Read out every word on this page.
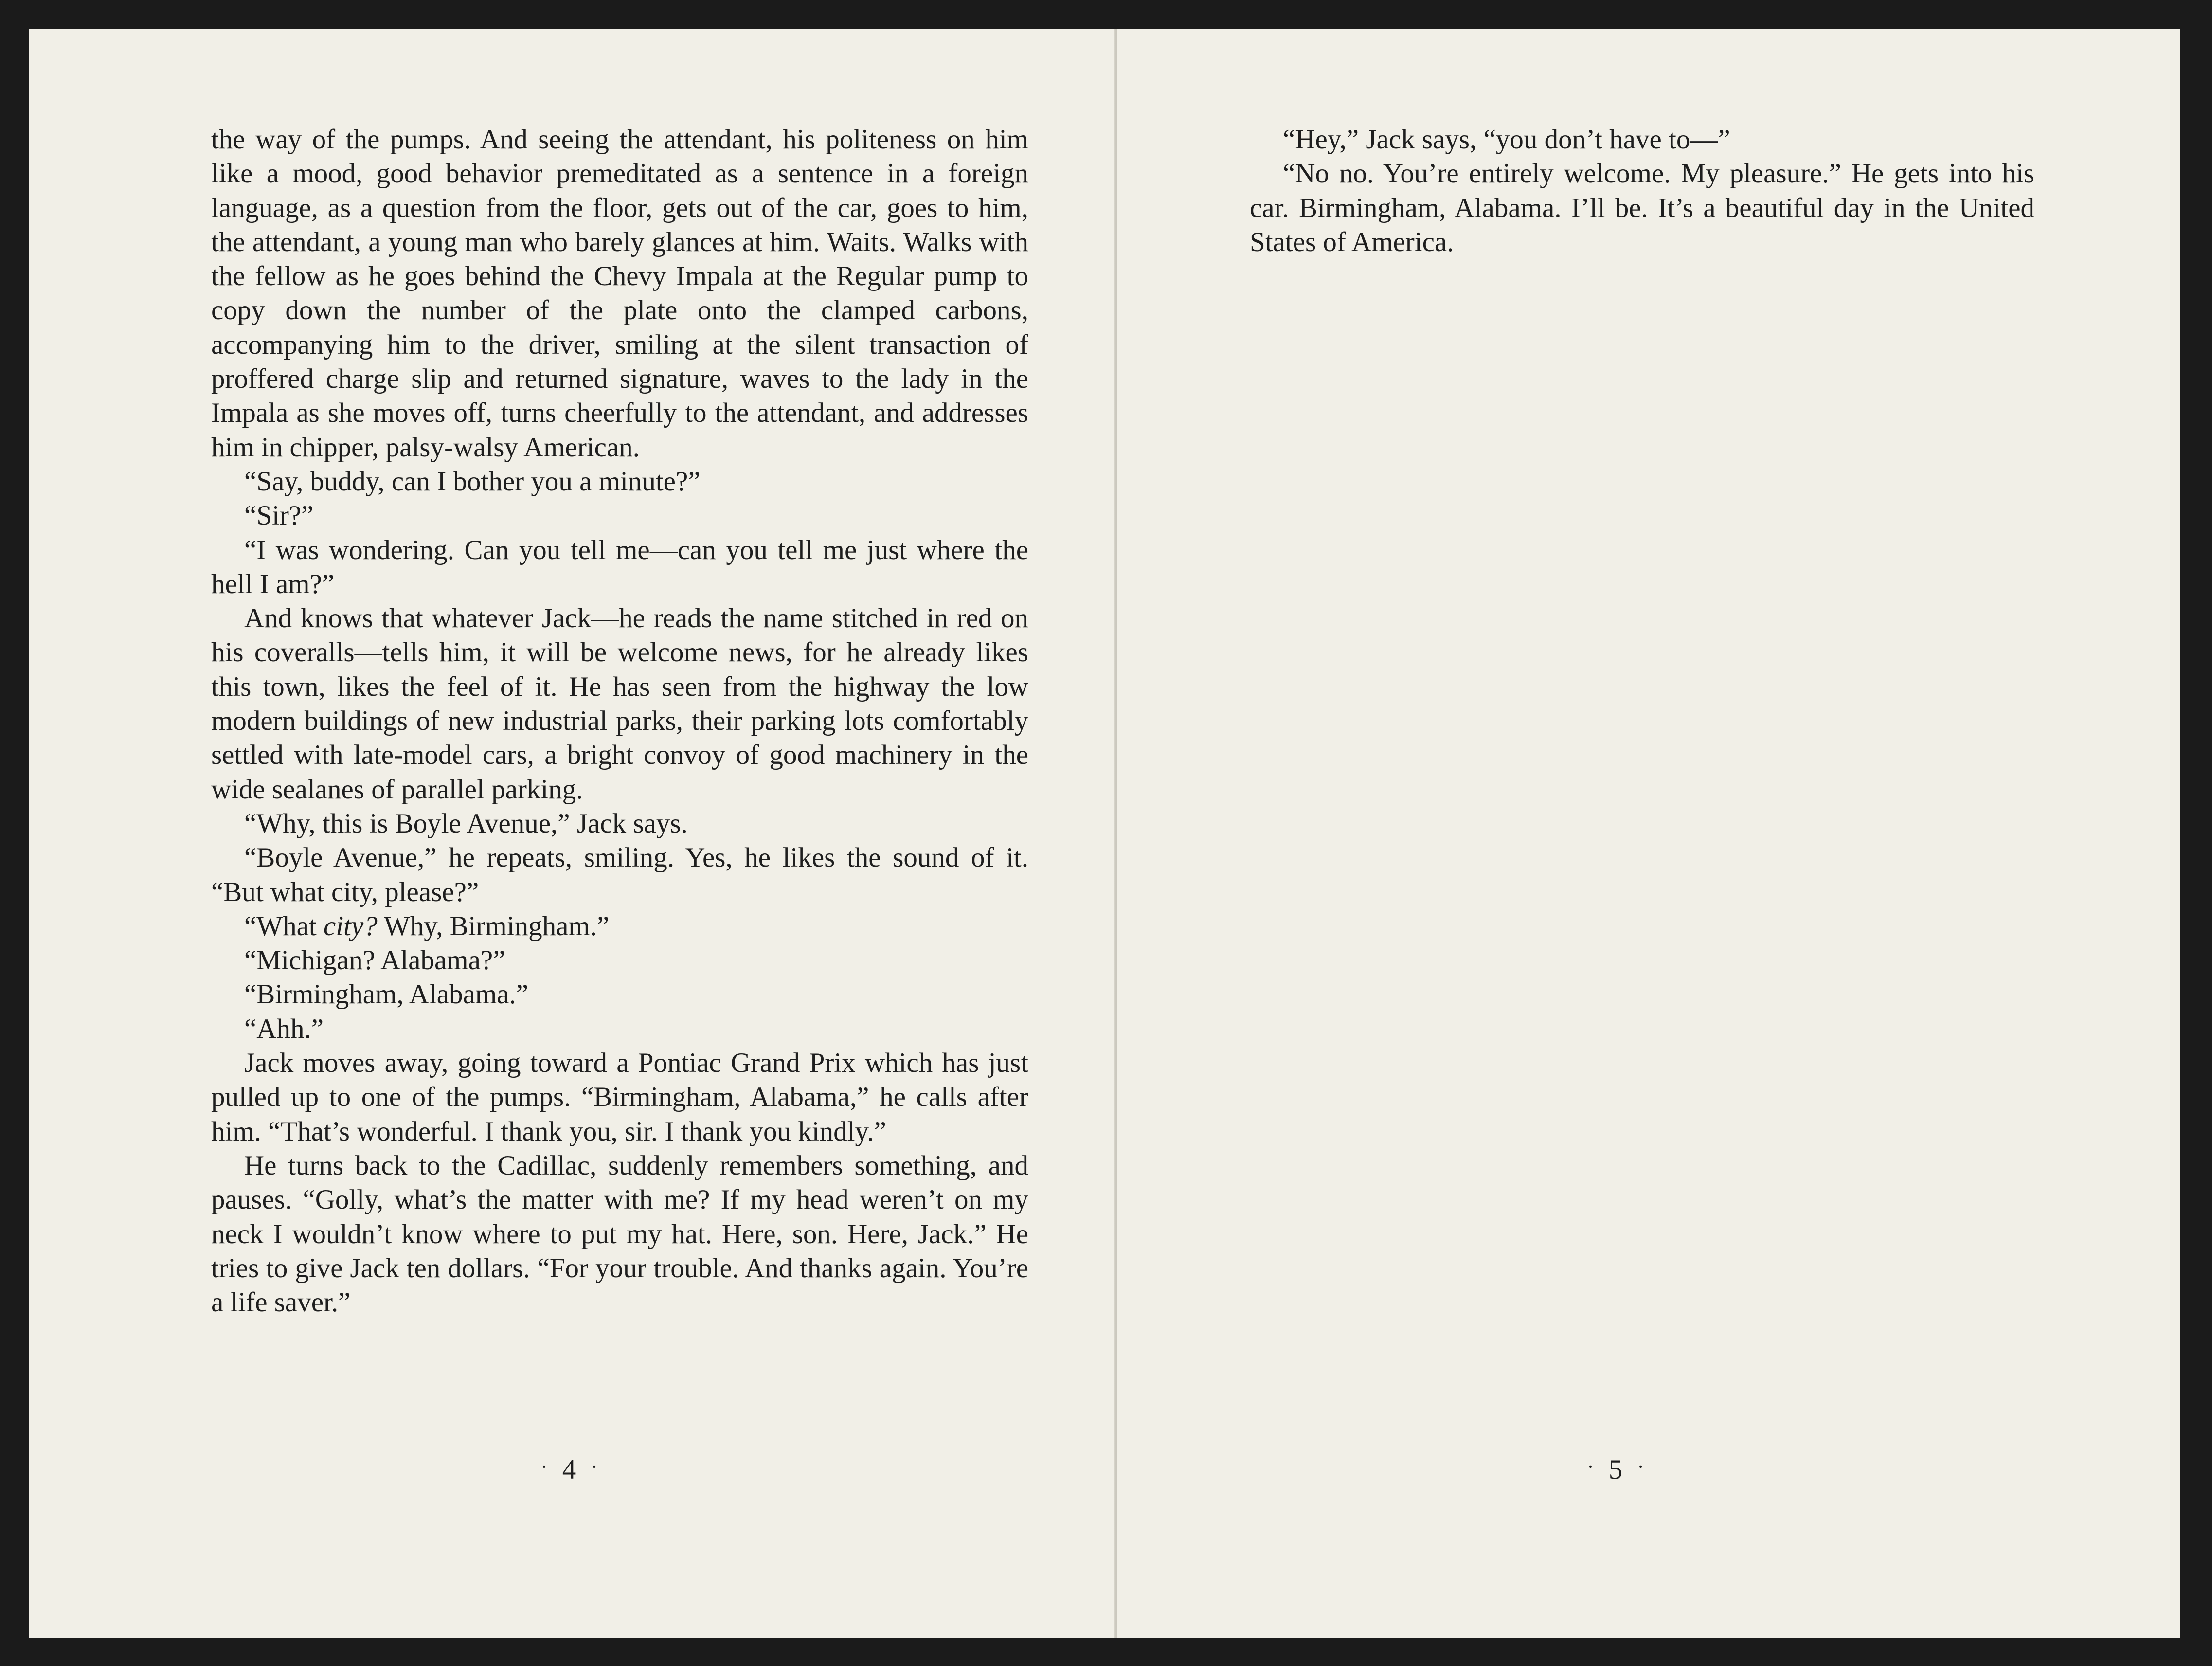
the way of the pumps. And seeing the attendant, his politeness on him like a mood, good behavior premeditated as a sentence in a foreign language, as a question from the floor, gets out of the car, goes to him, the attendant, a young man who barely glances at him. Waits. Walks with the fellow as he goes behind the Chevy Impala at the Regular pump to copy down the number of the plate onto the clamped carbons, accompanying him to the driver, smiling at the silent transaction of proffered charge slip and returned signature, waves to the lady in the Impala as she moves off, turns cheerfully to the attendant, and addresses him in chipper, palsy-walsy American.

“Say, buddy, can I bother you a minute?”

“Sir?”

“I was wondering. Can you tell me—can you tell me just where the hell I am?”

And knows that whatever Jack—he reads the name stitched in red on his coveralls—tells him, it will be welcome news, for he already likes this town, likes the feel of it. He has seen from the highway the low modern buildings of new industrial parks, their parking lots comfortably settled with late-model cars, a bright convoy of good machinery in the wide sealanes of parallel parking.

“Why, this is Boyle Avenue,” Jack says.

“Boyle Avenue,” he repeats, smiling. Yes, he likes the sound of it. “But what city, please?”

“What city? Why, Birmingham.”

“Michigan? Alabama?”

“Birmingham, Alabama.”

“Ahh.”

Jack moves away, going toward a Pontiac Grand Prix which has just pulled up to one of the pumps. “Birmingham, Alabama,” he calls after him. “That’s wonderful. I thank you, sir. I thank you kindly.”

He turns back to the Cadillac, suddenly remembers something, and pauses. “Golly, what’s the matter with me? If my head weren’t on my neck I wouldn’t know where to put my hat. Here, son. Here, Jack.” He tries to give Jack ten dollars. “For your trouble. And thanks again. You’re a life saver.”

· 4 ·

“Hey,” Jack says, “you don’t have to—”

“No no. You’re entirely welcome. My pleasure.” He gets into his car. Birmingham, Alabama. I’ll be. It’s a beautiful day in the United States of America.

· 5 ·
